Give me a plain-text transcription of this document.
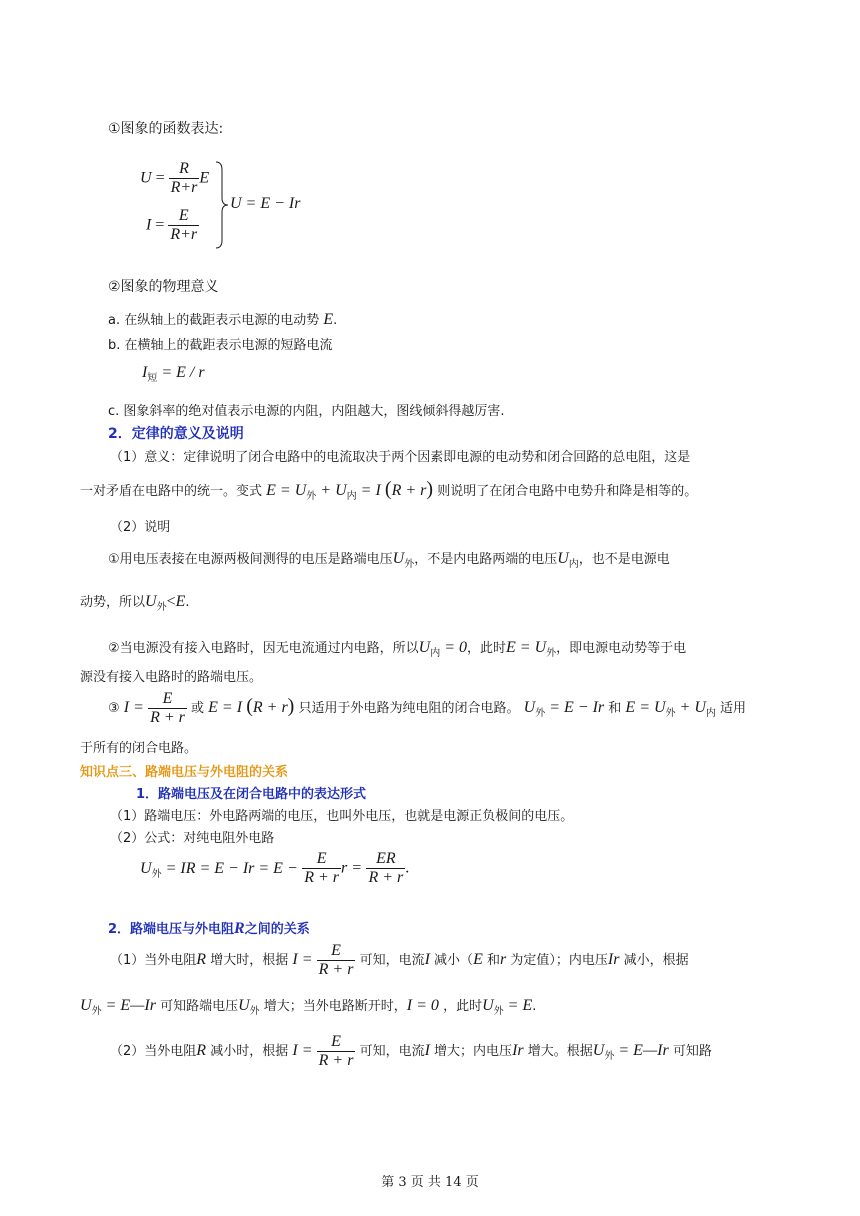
①图象的函数表达:
$U = \frac{R}{R+r}$ E
$I = \frac{E}{R+r}$
U = E − Ir
②图象的物理意义
a. 在纵轴上的截距表示电源的电动势 E.
b. 在横轴上的截距表示电源的短路电流
$I_短 = E / r$
c. 图象斜率的绝对值表示电源的内阻，内阻越大，图线倾斜得越厉害.
2．定律的意义及说明
（1）意义：定律说明了闭合电路中的电流取决于两个因素即电源的电动势和闭合回路的总电阻，这是
一对矛盾在电路中的统一。变式 $E = U_外 + U_内 = I$ (R + r) 则说明了在闭合电路中电势升和降是相等的。
（2）说明
①用电压表接在电源两极间测得的电压是路端电压$U_外$，不是内电路两端的电压$U_内$，也不是电源电
动势，所以$U_外<E$.
②当电源没有接入电路时，因无电流通过内电路，所以$U_内 = 0$，此时$E = U_外$，即电源电动势等于电
源没有接入电路时的路端电压。
③ $I = \frac{E}{R + r}$ 或 E = I (R + r) 只适用于外电路为纯电阻的闭合电路。 $U_外 = E - Ir$ 和 $E = U_外 + U_内$ 适用
于所有的闭合电路。
知识点三、路端电压与外电阻的关系
1．路端电压及在闭合电路中的表达形式
（1）路端电压：外电路两端的电压，也叫外电压，也就是电源正负极间的电压。
（2）公式：对纯电阻外电路
$U_外$ = IR = $E - Ir = E - \frac{E}{R + r}$ $r = \frac{ER}{R + r}$ .
2．路端电压与外电阻R之间的关系
（1）当外电阻R 增大时，根据 $I = \frac{E}{R + r}$ 可知，电流I 减小（E 和r 为定值）；内电压Ir 减小，根据
$U_外$ = E—Ir 可知路端电压$U_外$ 增大；当外电路断开时，I = 0 ，此时$U_外 = E$.
（2）当外电阻R 减小时，根据 $I = \frac{E}{R + r}$ 可知，电流I 增大；内电压Ir 增大。根据$U_外$ = E—Ir 可知路
第 3 页 共 14 页
